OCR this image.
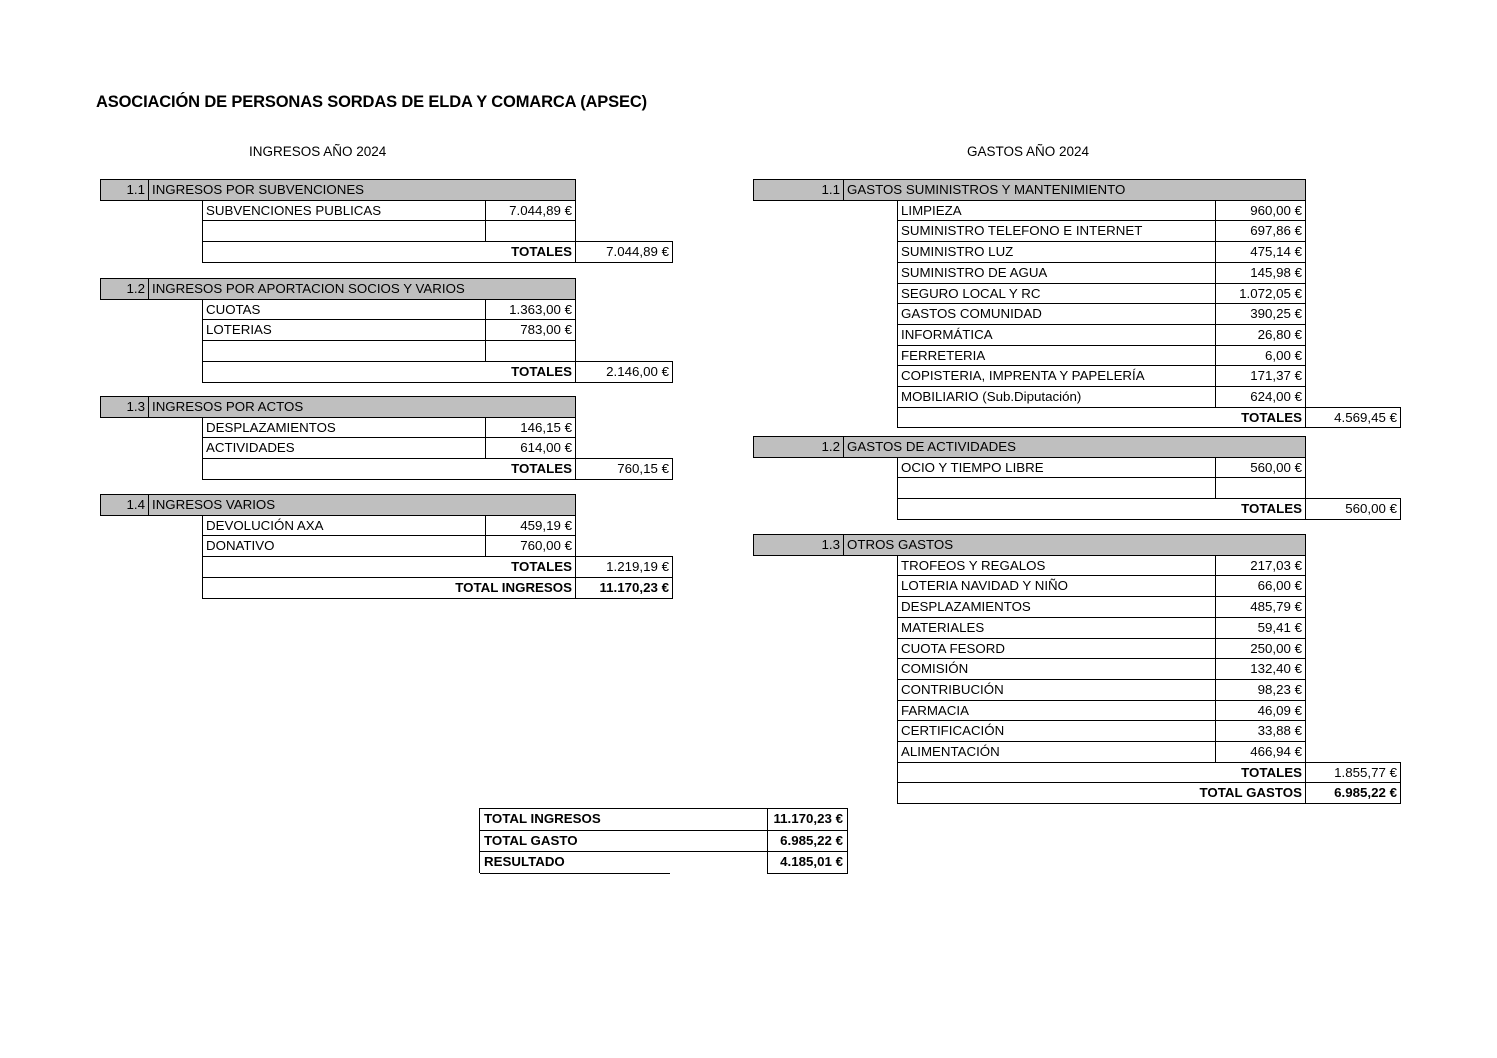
ASOCIACIÓN DE PERSONAS SORDAS DE ELDA Y COMARCA (APSEC)
INGRESOS AÑO 2024	GASTOS AÑO 2024
1.1	INGRESOS POR SUBVENCIONES			
		SUBVENCIONES PUBLICAS	7.044,89 €	

		TOTALES		7.044,89 €
1.2	INGRESOS POR APORTACION SOCIOS Y VARIOS			
		CUOTAS	1.363,00 €	
		LOTERIAS	783,00 €	

		TOTALES		2.146,00 €
1.3	INGRESOS POR ACTOS			
		DESPLAZAMIENTOS	146,15 €	
		ACTIVIDADES	614,00 €	
		TOTALES		760,15 €
1.4	INGRESOS VARIOS			
		DEVOLUCIÓN AXA	459,19 €	
		DONATIVO	760,00 €	
		TOTALES		1.219,19 €
		TOTAL INGRESOS		11.170,23 €
1.1	GASTOS SUMINISTROS Y MANTENIMIENTO			
		LIMPIEZA	960,00 €	
		SUMINISTRO TELEFONO E INTERNET	697,86 €	
		SUMINISTRO LUZ	475,14 €	
		SUMINISTRO DE AGUA	145,98 €	
		SEGURO LOCAL Y RC	1.072,05 €	
		GASTOS COMUNIDAD	390,25 €	
		INFORMÁTICA	26,80 €	
		FERRETERIA	6,00 €	
		COPISTERIA, IMPRENTA Y PAPELERÍA	171,37 €	
		MOBILIARIO (Sub.Diputación)	624,00 €	
		TOTALES		4.569,45 €
1.2	GASTOS DE ACTIVIDADES			
		OCIO Y TIEMPO LIBRE	560,00 €	

		TOTALES		560,00 €
1.3	OTROS GASTOS			
		TROFEOS Y REGALOS	217,03 €	
		LOTERIA NAVIDAD Y NIÑO	66,00 €	
		DESPLAZAMIENTOS	485,79 €	
		MATERIALES	59,41 €	
		CUOTA FESORD	250,00 €	
		COMISIÓN	132,40 €	
		CONTRIBUCIÓN	98,23 €	
		FARMACIA	46,09 €	
		CERTIFICACIÓN	33,88 €	
		ALIMENTACIÓN	466,94 €	
		TOTALES		1.855,77 €
		TOTAL GASTOS		6.985,22 €
TOTAL INGRESOS	11.170,23 €
TOTAL GASTO	6.985,22 €
RESULTADO	4.185,01 €
